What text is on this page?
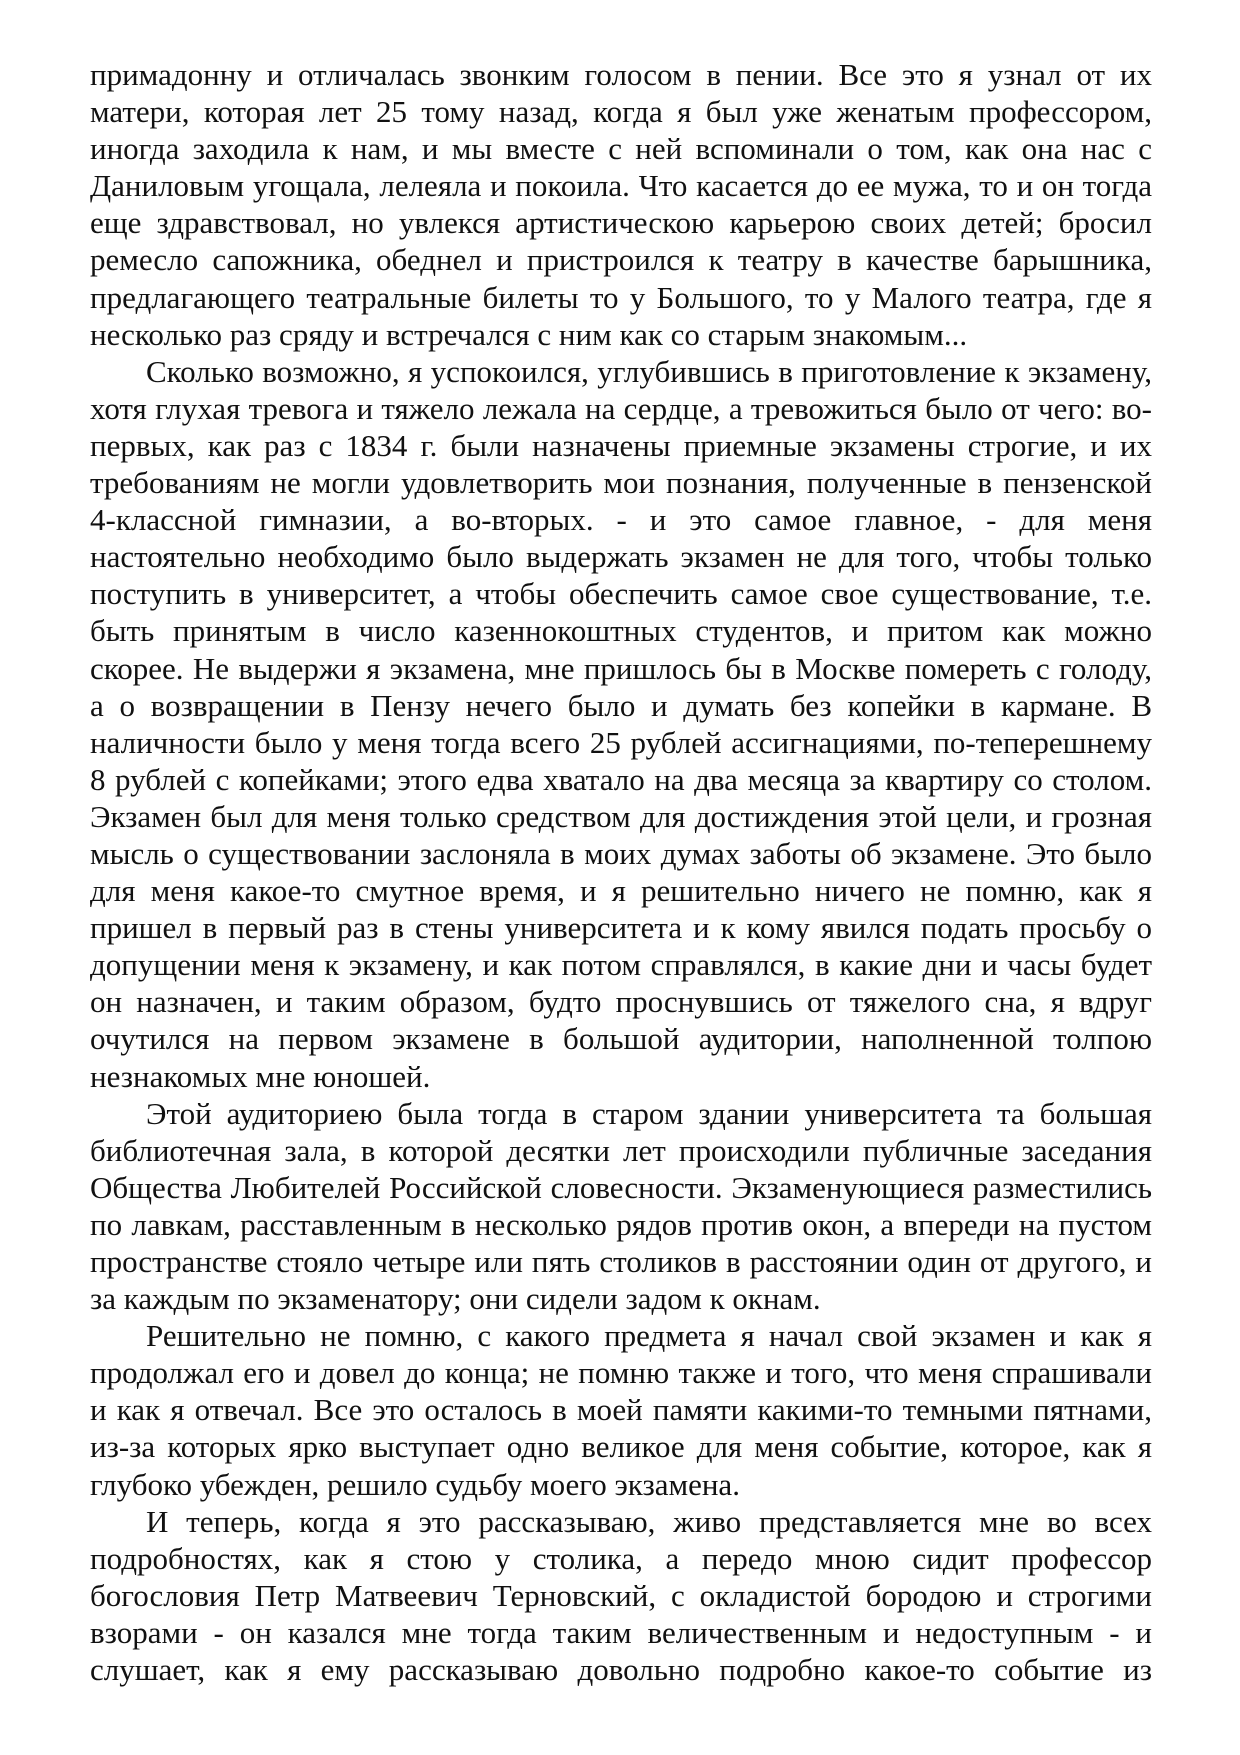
примадонну и отличалась звонким голосом в пении. Все это я узнал от их матери, которая лет 25 тому назад, когда я был уже женатым профессором, иногда заходила к нам, и мы вместе с ней вспоминали о том, как она нас с Даниловым угощала, лелеяла и покоила. Что касается до ее мужа, то и он тогда еще здравствовал, но увлекся артистическою карьерою своих детей; бросил ремесло сапожника, обеднел и пристроился к театру в качестве барышника, предлагающего театральные билеты то у Большого, то у Малого театра, где я несколько раз сряду и встречался с ним как со старым знакомым...

Сколько возможно, я успокоился, углубившись в приготовление к экзамену, хотя глухая тревога и тяжело лежала на сердце, а тревожиться было от чего: во-первых, как раз с 1834 г. были назначены приемные экзамены строгие, и их требованиям не могли удовлетворить мои познания, полученные в пензенской 4-классной гимназии, а во-вторых. - и это самое главное, - для меня настоятельно необходимо было выдержать экзамен не для того, чтобы только поступить в университет, а чтобы обеспечить самое свое существование, т.е. быть принятым в число казеннокоштных студентов, и притом как можно скорее. Не выдержи я экзамена, мне пришлось бы в Москве помереть с голоду, а о возвращении в Пензу нечего было и думать без копейки в кармане. В наличности было у меня тогда всего 25 рублей ассигнациями, по-теперешнему 8 рублей с копейками; этого едва хватало на два месяца за квартиру со столом. Экзамен был для меня только средством для достиждения этой цели, и грозная мысль о существовании заслоняла в моих думах заботы об экзамене. Это было для меня какое-то смутное время, и я решительно ничего не помню, как я пришел в первый раз в стены университета и к кому явился подать просьбу о допущении меня к экзамену, и как потом справлялся, в какие дни и часы будет он назначен, и таким образом, будто проснувшись от тяжелого сна, я вдруг очутился на первом экзамене в большой аудитории, наполненной толпою незнакомых мне юношей.

Этой аудиториею была тогда в старом здании университета та большая библиотечная зала, в которой десятки лет происходили публичные заседания Общества Любителей Российской словесности. Экзаменующиеся разместились по лавкам, расставленным в несколько рядов против окон, а впереди на пустом пространстве стояло четыре или пять столиков в расстоянии один от другого, и за каждым по экзаменатору; они сидели задом к окнам.

Решительно не помню, с какого предмета я начал свой экзамен и как я продолжал его и довел до конца; не помню также и того, что меня спрашивали и как я отвечал. Все это осталось в моей памяти какими-то темными пятнами, из-за которых ярко выступает одно великое для меня событие, которое, как я глубоко убежден, решило судьбу моего экзамена.

И теперь, когда я это рассказываю, живо представляется мне во всех подробностях, как я стою у столика, а передо мною сидит профессор богословия Петр Матвеевич Терновский, с окладистой бородою и строгими взорами - он казался мне тогда таким величественным и недоступным - и слушает, как я ему рассказываю довольно подробно какое-то событие из
